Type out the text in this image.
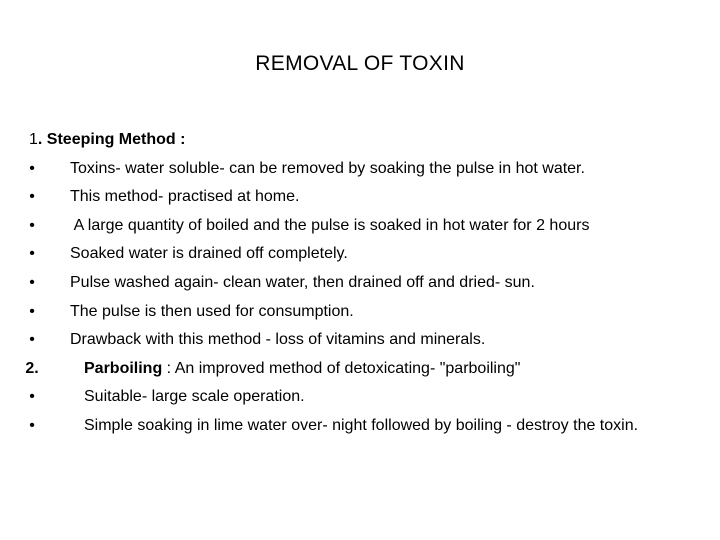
REMOVAL OF TOXIN
1. Steeping Method :
•	Toxins- water soluble- can be removed by soaking the pulse in hot water.
•	This method- practised at home.
•	A large quantity of boiled and the pulse is soaked in hot water for 2 hours
•	Soaked water is drained off completely.
•	Pulse washed again- clean water, then drained off and dried- sun.
•	The pulse is then used for consumption.
•	Drawback with this method - loss of vitamins and minerals.
2.	Parboiling : An improved method of detoxicating- "parboiling"
•	Suitable- large scale operation.
•	Simple soaking in lime water over- night followed by boiling - destroy the toxin.
